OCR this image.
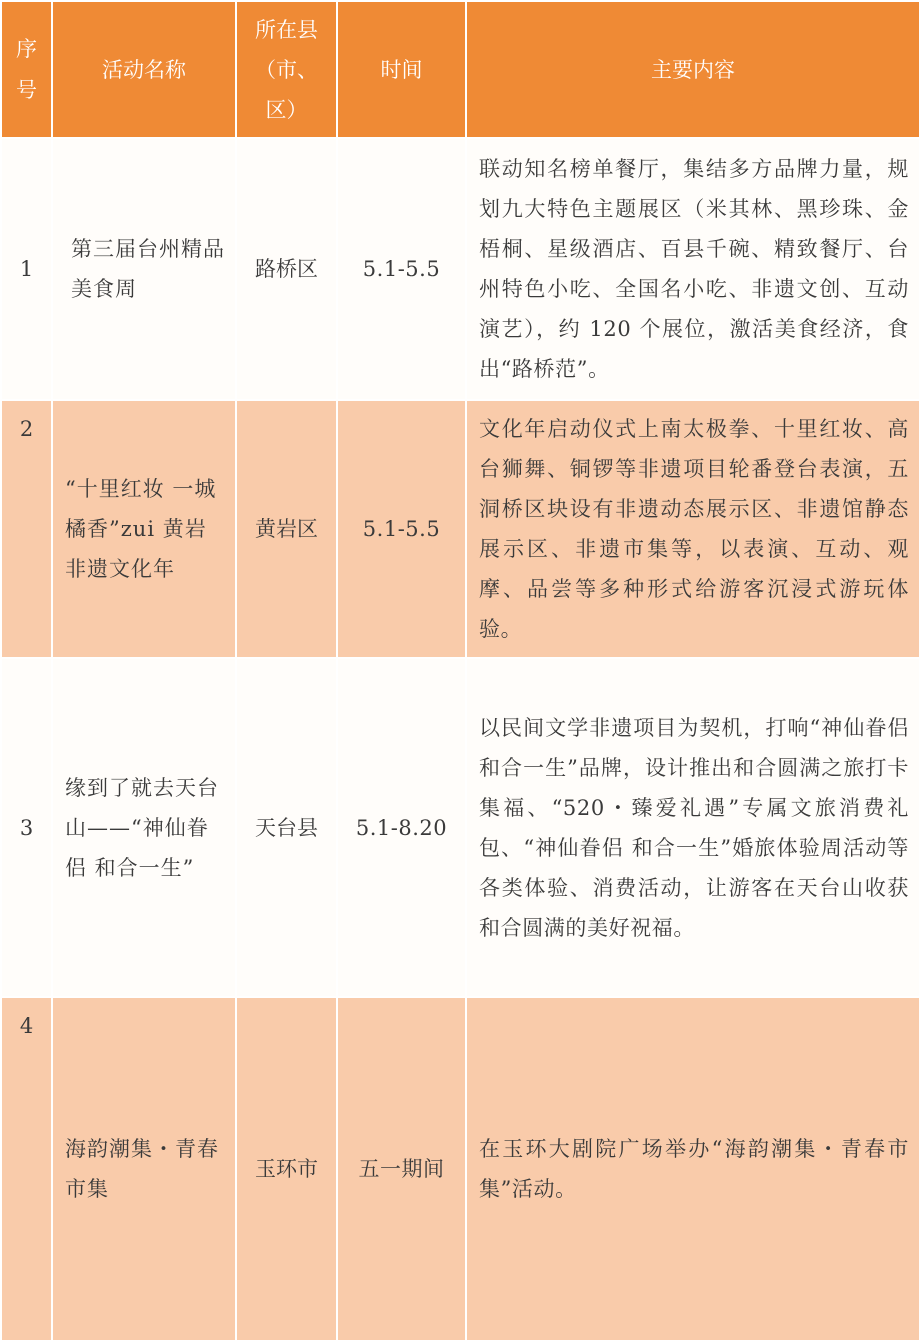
序号	活动名称	所在县（市、区）	时间	主要内容
1	第三届台州精品美食周	路桥区	5.1-5.5	联动知名榜单餐厅，集结多方品牌力量，规划九大特色主题展区（米其林、黑珍珠、金梧桐、星级酒店、百县千碗、精致餐厅、台州特色小吃、全国名小吃、非遗文创、互动演艺），约 120 个展位，激活美食经济，食出“路桥范”。

2	“十里红妆 一城橘香”zui 黄岩非遗文化年	黄岩区	5.1-5.5	文化年启动仪式上南太极拳、十里红妆、高台狮舞、铜锣等非遗项目轮番登台表演，五洞桥区块设有非遗动态展示区、非遗馆静态展示区、非遗市集等，以表演、互动、观摩、品尝等多种形式给游客沉浸式游玩体验。
3	缘到了就去天台山——“神仙眷侣 和合一生”	天台县	5.1-8.20	以民间文学非遗项目为契机，打响“神仙眷侣 和合一生”品牌，设计推出和合圆满之旅打卡集福、“520・臻爱礼遇”专属文旅消费礼包、“神仙眷侣 和合一生”婚旅体验周活动等各类体验、消费活动，让游客在天台山收获和合圆满的美好祝福。

4	海韵潮集・青春市集	玉环市	五一期间	在玉环大剧院广场举办“海韵潮集・青春市集”活动。
